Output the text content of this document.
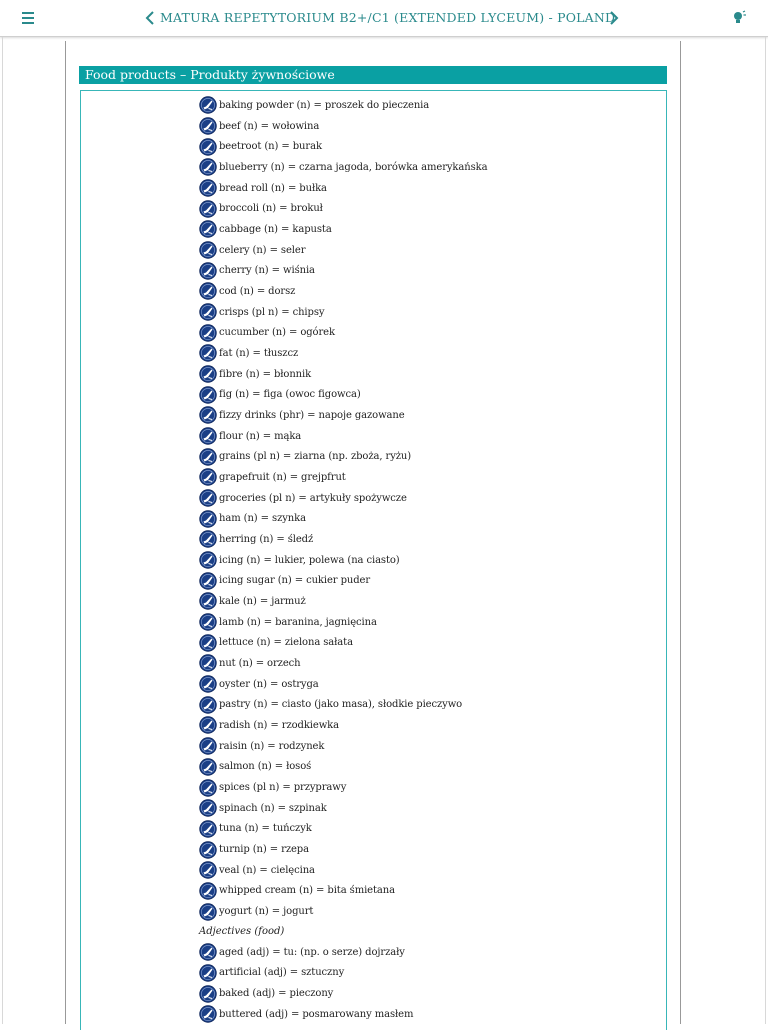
MATURA REPETYTORIUM B2+/C1 (EXTENDED LYCEUM) - POLAND
Food products – Produkty żywnościowe
baking powder (n) = proszek do pieczenia
beef (n) = wołowina
beetroot (n) = burak
blueberry (n) = czarna jagoda, borówka amerykańska
bread roll (n) = bułka
broccoli (n) = brokuł
cabbage (n) = kapusta
celery (n) = seler
cherry (n) = wiśnia
cod (n) = dorsz
crisps (pl n) = chipsy
cucumber (n) = ogórek
fat (n) = tłuszcz
fibre (n) = błonnik
fig (n) = figa (owoc figowca)
fizzy drinks (phr) = napoje gazowane
flour (n) = mąka
grains (pl n) = ziarna (np. zboża, ryżu)
grapefruit (n) = grejpfrut
groceries (pl n) = artykuły spożywcze
ham (n) = szynka
herring (n) = śledź
icing (n) = lukier, polewa (na ciasto)
icing sugar (n) = cukier puder
kale (n) = jarmuż
lamb (n) = baranina, jagnięcina
lettuce (n) = zielona sałata
nut (n) = orzech
oyster (n) = ostryga
pastry (n) = ciasto (jako masa), słodkie pieczywo
radish (n) = rzodkiewka
raisin (n) = rodzynek
salmon (n) = łosoś
spices (pl n) = przyprawy
spinach (n) = szpinak
tuna (n) = tuńczyk
turnip (n) = rzepa
veal (n) = cielęcina
whipped cream (n) = bita śmietana
yogurt (n) = jogurt
Adjectives (food)
aged (adj) = tu: (np. o serze) dojrzały
artificial (adj) = sztuczny
baked (adj) = pieczony
buttered (adj) = posmarowany masłem
